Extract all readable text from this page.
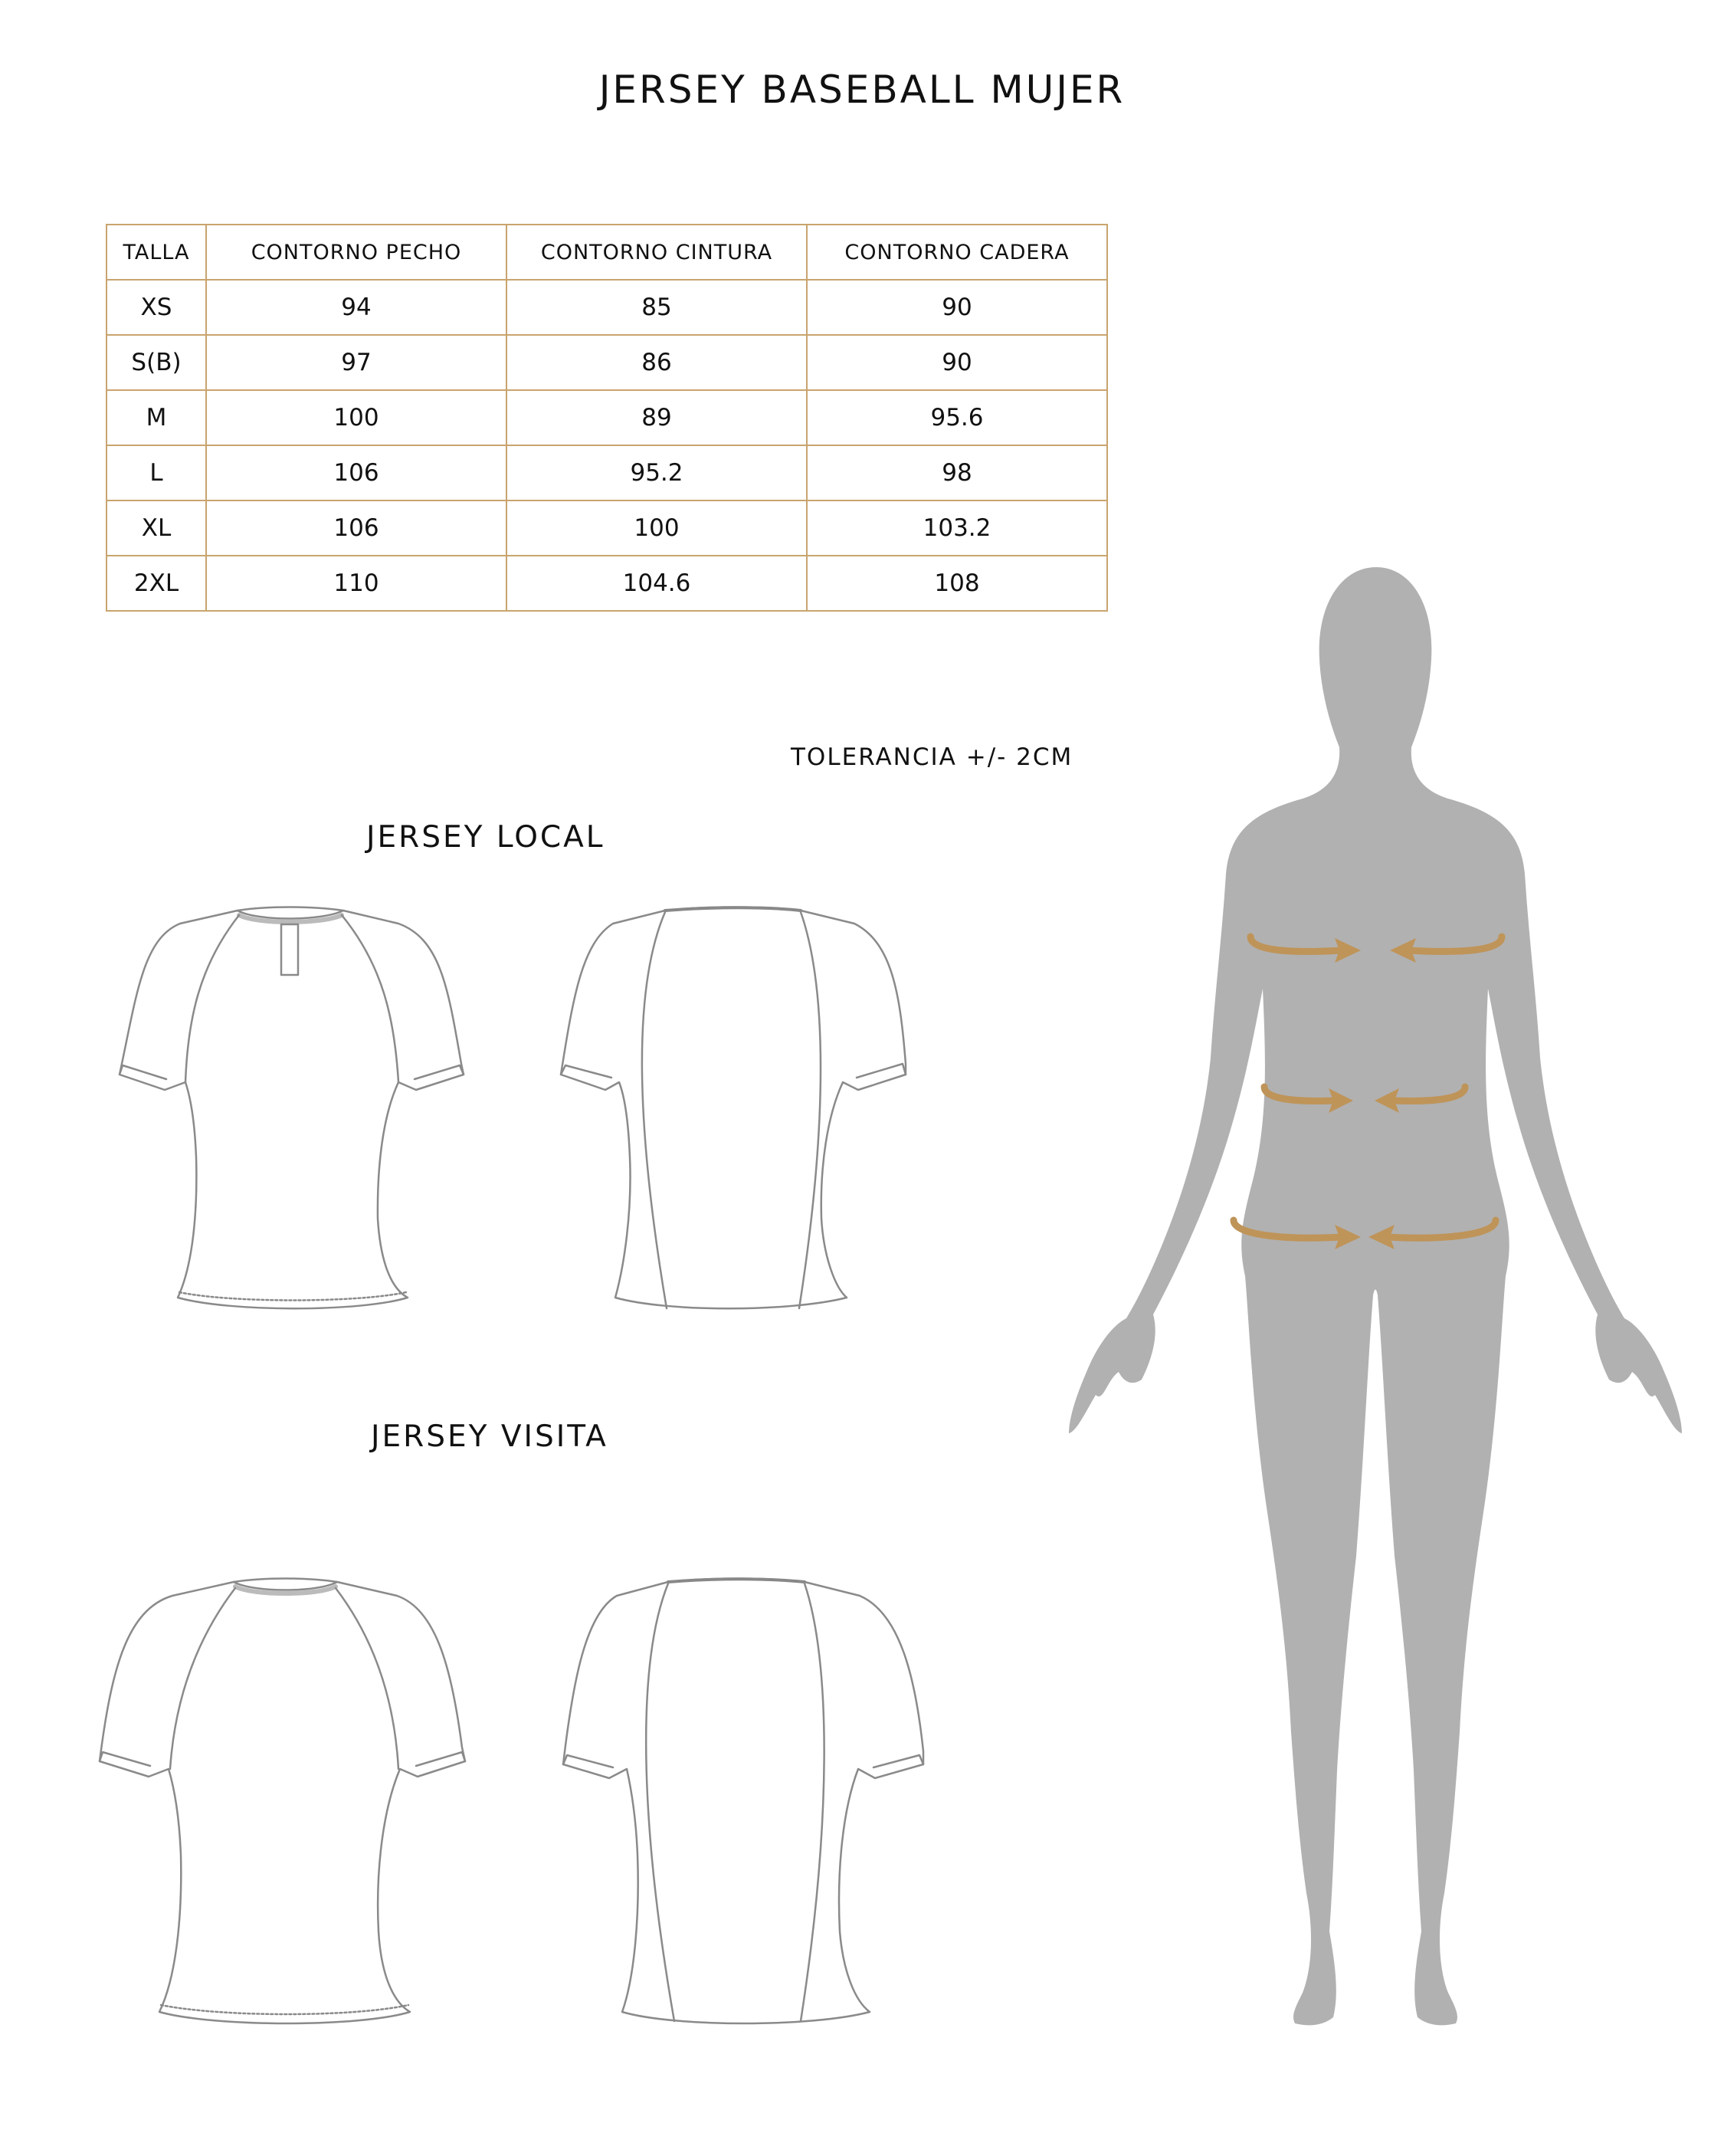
JERSEY BASEBALL MUJER
TALLA	CONTORNO PECHO	CONTORNO CINTURA	CONTORNO CADERA
XS	94	85	90
S(B)	97	86	90
M	100	89	95.6
L	106	95.2	98
XL	106	100	103.2
2XL	110	104.6	108
TOLERANCIA +/- 2CM
JERSEY LOCAL
JERSEY VISITA
